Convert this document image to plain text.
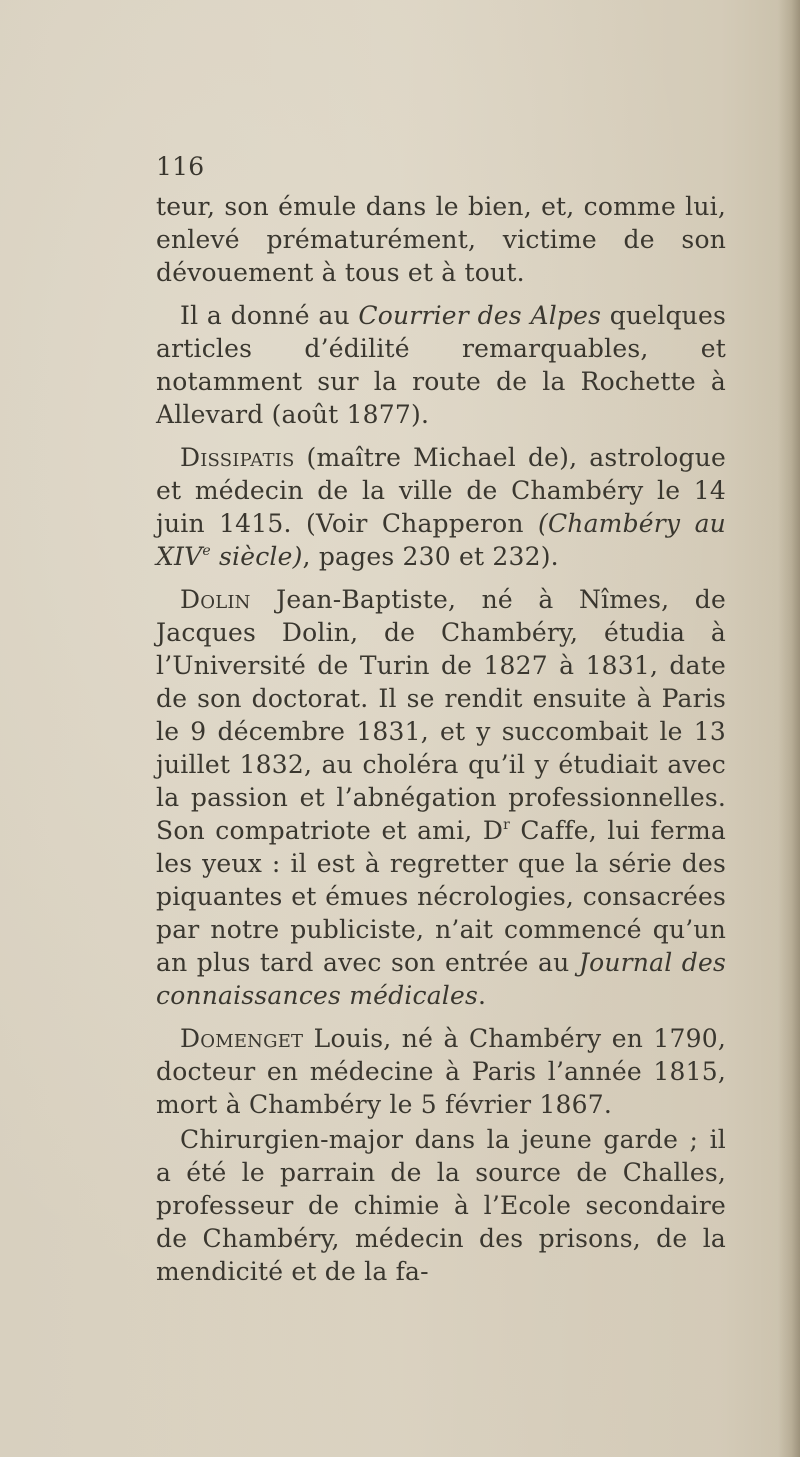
116

teur, son émule dans le bien, et, comme lui, enlevé prématurément, victime de son dévouement à tous et à tout.

Il a donné au Courrier des Alpes quelques articles d’édilité remarquables, et notamment sur la route de la Rochette à Allevard (août 1877).

Dissipatis (maître Michael de), astrologue et médecin de la ville de Chambéry le 14 juin 1415. (Voir Chapperon (Chambéry au XIVe siècle), pages 230 et 232).

Dolin Jean-Baptiste, né à Nîmes, de Jacques Dolin, de Chambéry, étudia à l’Université de Turin de 1827 à 1831, date de son doctorat. Il se rendit ensuite à Paris le 9 décembre 1831, et y succombait le 13 juillet 1832, au choléra qu’il y étudiait avec la passion et l’abnégation professionnelles. Son compatriote et ami, $D^r$ Caffe, lui ferma les yeux : il est à regretter que la série des piquantes et émues nécrologies, consacrées par notre publiciste, n’ait commencé qu’un an plus tard avec son entrée au Journal des connaissances médicales.

Domenget Louis, né à Chambéry en 1790, docteur en médecine à Paris l’année 1815, mort à Chambéry le 5 février 1867.

Chirurgien-major dans la jeune garde ; il a été le parrain de la source de Challes, professeur de chimie à l’Ecole secondaire de Chambéry, médecin des prisons, de la mendicité et de la fa-
